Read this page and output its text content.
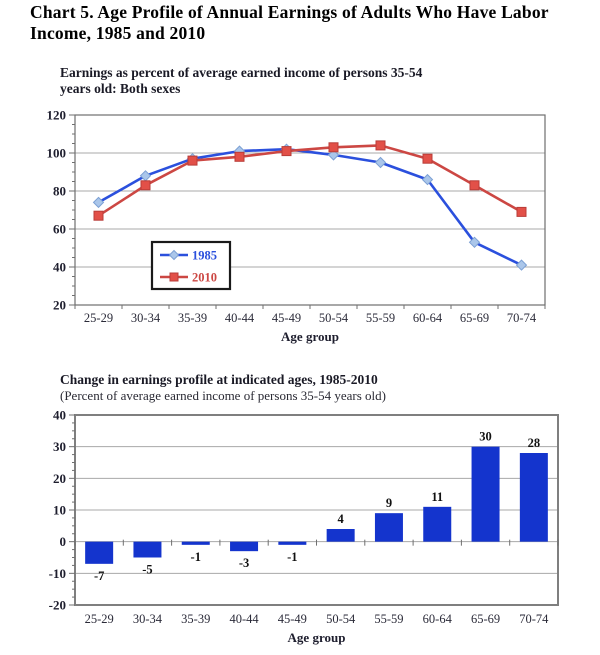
Chart 5. Age Profile of Annual Earnings of Adults Who Have Labor
Income, 1985 and 2010
Earnings as percent of average earned income of persons 35-54
years old: Both sexes
20
40
60
80
100
120
25-29 30-34 35-39 40-44 45-49 50-54 55-59 60-64 65-69 70-74
1985
2010
Age group
Change in earnings profile at indicated ages, 1985-2010
(Percent of average earned income of persons 35-54 years old)
-20
-10
0
10
20
30
40
25-29 30-34 35-39 40-44 45-49 50-54 55-59 60-64 65-69 70-74
-7	-5
-1	-3	-1
4
9	11
30	28
Age group
